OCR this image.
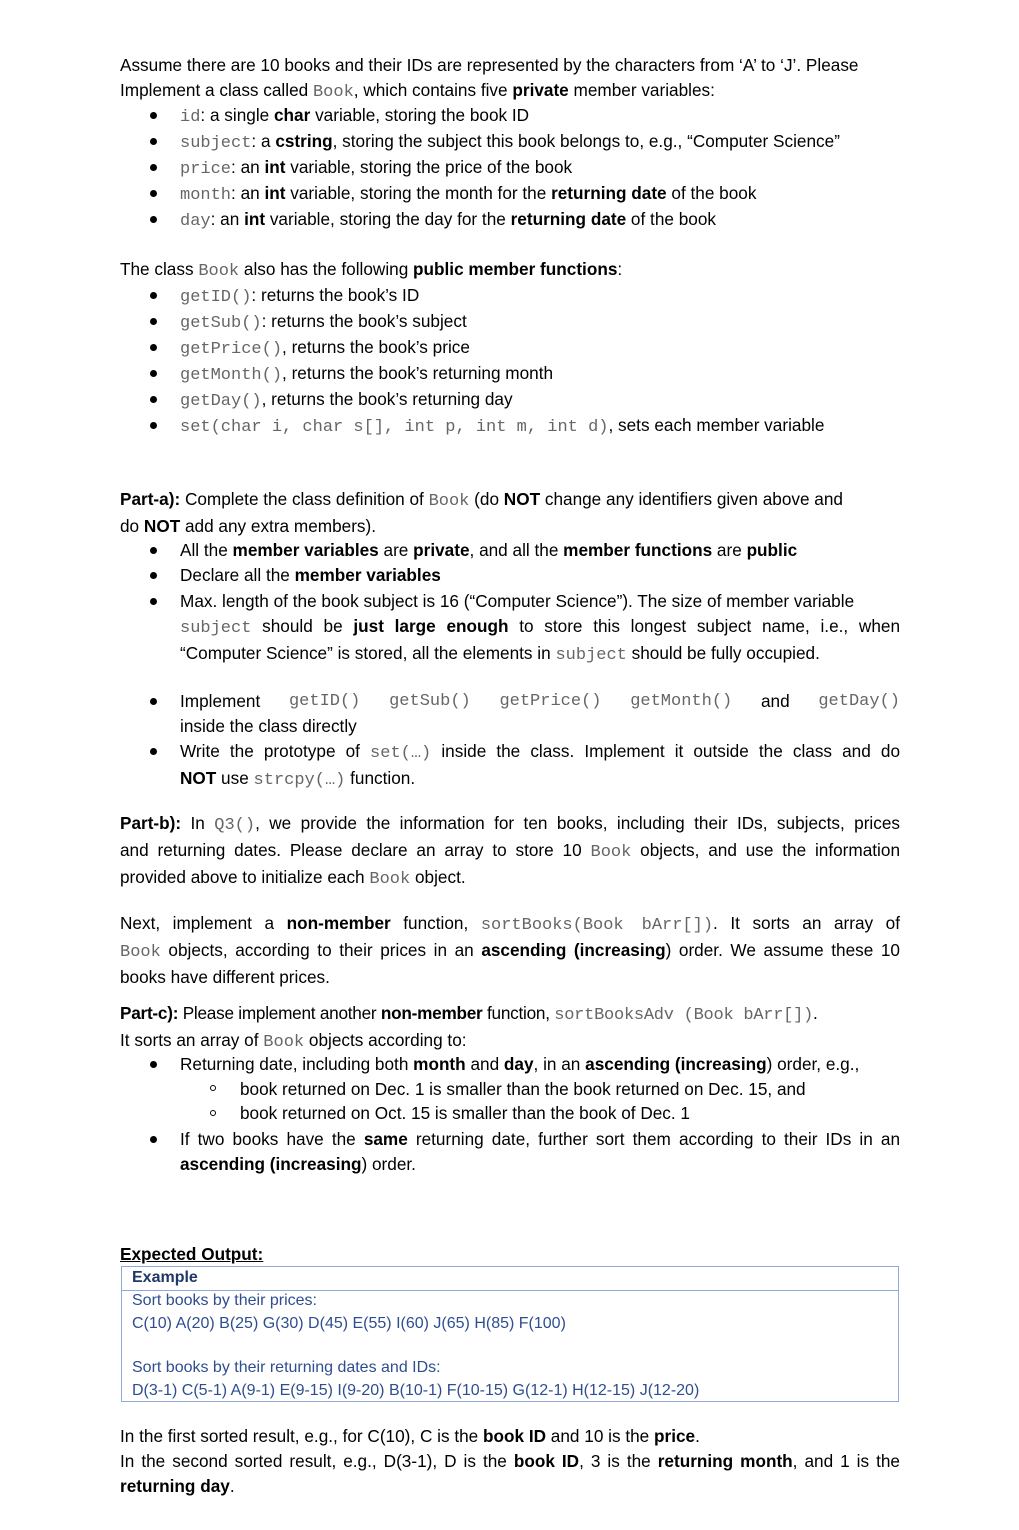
Assume there are 10 books and their IDs are represented by the characters from ‘A’ to ‘J’. Please
Implement a class called Book, which contains five private member variables:
id: a single char variable, storing the book ID
subject: a cstring, storing the subject this book belongs to, e.g., “Computer Science”
price: an int variable, storing the price of the book
month: an int variable, storing the month for the returning date of the book
day: an int variable, storing the day for the returning date of the book
The class Book also has the following public member functions:
getID(): returns the book’s ID
getSub(): returns the book’s subject
getPrice(), returns the book’s price
getMonth(), returns the book’s returning month
getDay(), returns the book’s returning day
set(char i, char s[], int p, int m, int d), sets each member variable
Part-a): Complete the class definition of Book (do NOT change any identifiers given above and
do NOT add any extra members).
All the member variables are private, and all the member functions are public
Declare all the member variables
Max. length of the book subject is 16 (“Computer Science”). The size of member variable
subject should be just large enough to store this longest subject name, i.e., when
“Computer Science” is stored, all the elements in subject should be fully occupied.
Implement getID() getSub() getPrice() getMonth() and getDay()
inside the class directly
Write the prototype of set(…) inside the class. Implement it outside the class and do
NOT use strcpy(…) function.
Part-b): In Q3(), we provide the information for ten books, including their IDs, subjects, prices
and returning dates. Please declare an array to store 10 Book objects, and use the information
provided above to initialize each Book object.
Next, implement a non-member function, sortBooks(Book bArr[]). It sorts an array of
Book objects, according to their prices in an ascending (increasing) order. We assume these 10
books have different prices.
Part-c): Please implement another non-member function, sortBooksAdv (Book bArr[]).
It sorts an array of Book objects according to:
Returning date, including both month and day, in an ascending (increasing) order, e.g.,
book returned on Dec. 1 is smaller than the book returned on Dec. 15, and
book returned on Oct. 15 is smaller than the book of Dec. 1
If two books have the same returning date, further sort them according to their IDs in an
ascending (increasing) order.
Expected Output:
Example
Sort books by their prices:
C(10) A(20) B(25) G(30) D(45) E(55) I(60) J(65) H(85) F(100)
Sort books by their returning dates and IDs:
D(3-1) C(5-1) A(9-1) E(9-15) I(9-20) B(10-1) F(10-15) G(12-1) H(12-15) J(12-20)
In the first sorted result, e.g., for C(10), C is the book ID and 10 is the price.
In the second sorted result, e.g., D(3-1), D is the book ID, 3 is the returning month, and 1 is the
returning day.
